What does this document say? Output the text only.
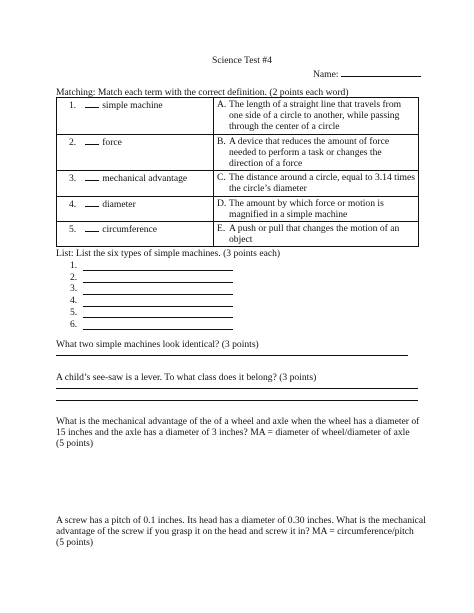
Science Test #4
Name:
Matching: Match each term with the correct definition. (2 points each word)
1. simple machine	A. The length of a straight line that travels from one side of a circle to another, while passing through the center of a circle

2. force	B. A device that reduces the amount of force needed to perform a task or changes the direction of a force

3. mechanical advantage	C. The distance around a circle, equal to 3.14 times the circle’s diameter

4. diameter	D. The amount by which force or motion is magnified in a simple machine

5. circumference	E. A push or pull that changes the motion of an object
List: List the six types of simple machines. (3 points each)
1.
2.
3.
4.
5.
6.
What two simple machines look identical? (3 points)
A child’s see-saw is a lever. To what class does it belong? (3 points)
What is the mechanical advantage of the of a wheel and axle when the wheel has a diameter of
15 inches and the axle has a diameter of 3 inches? MA = diameter of wheel/diameter of axle
(5 points)
A screw has a pitch of 0.1 inches. Its head has a diameter of 0.30 inches. What is the mechanical
advantage of the screw if you grasp it on the head and screw it in? MA = circumference/pitch
(5 points)
